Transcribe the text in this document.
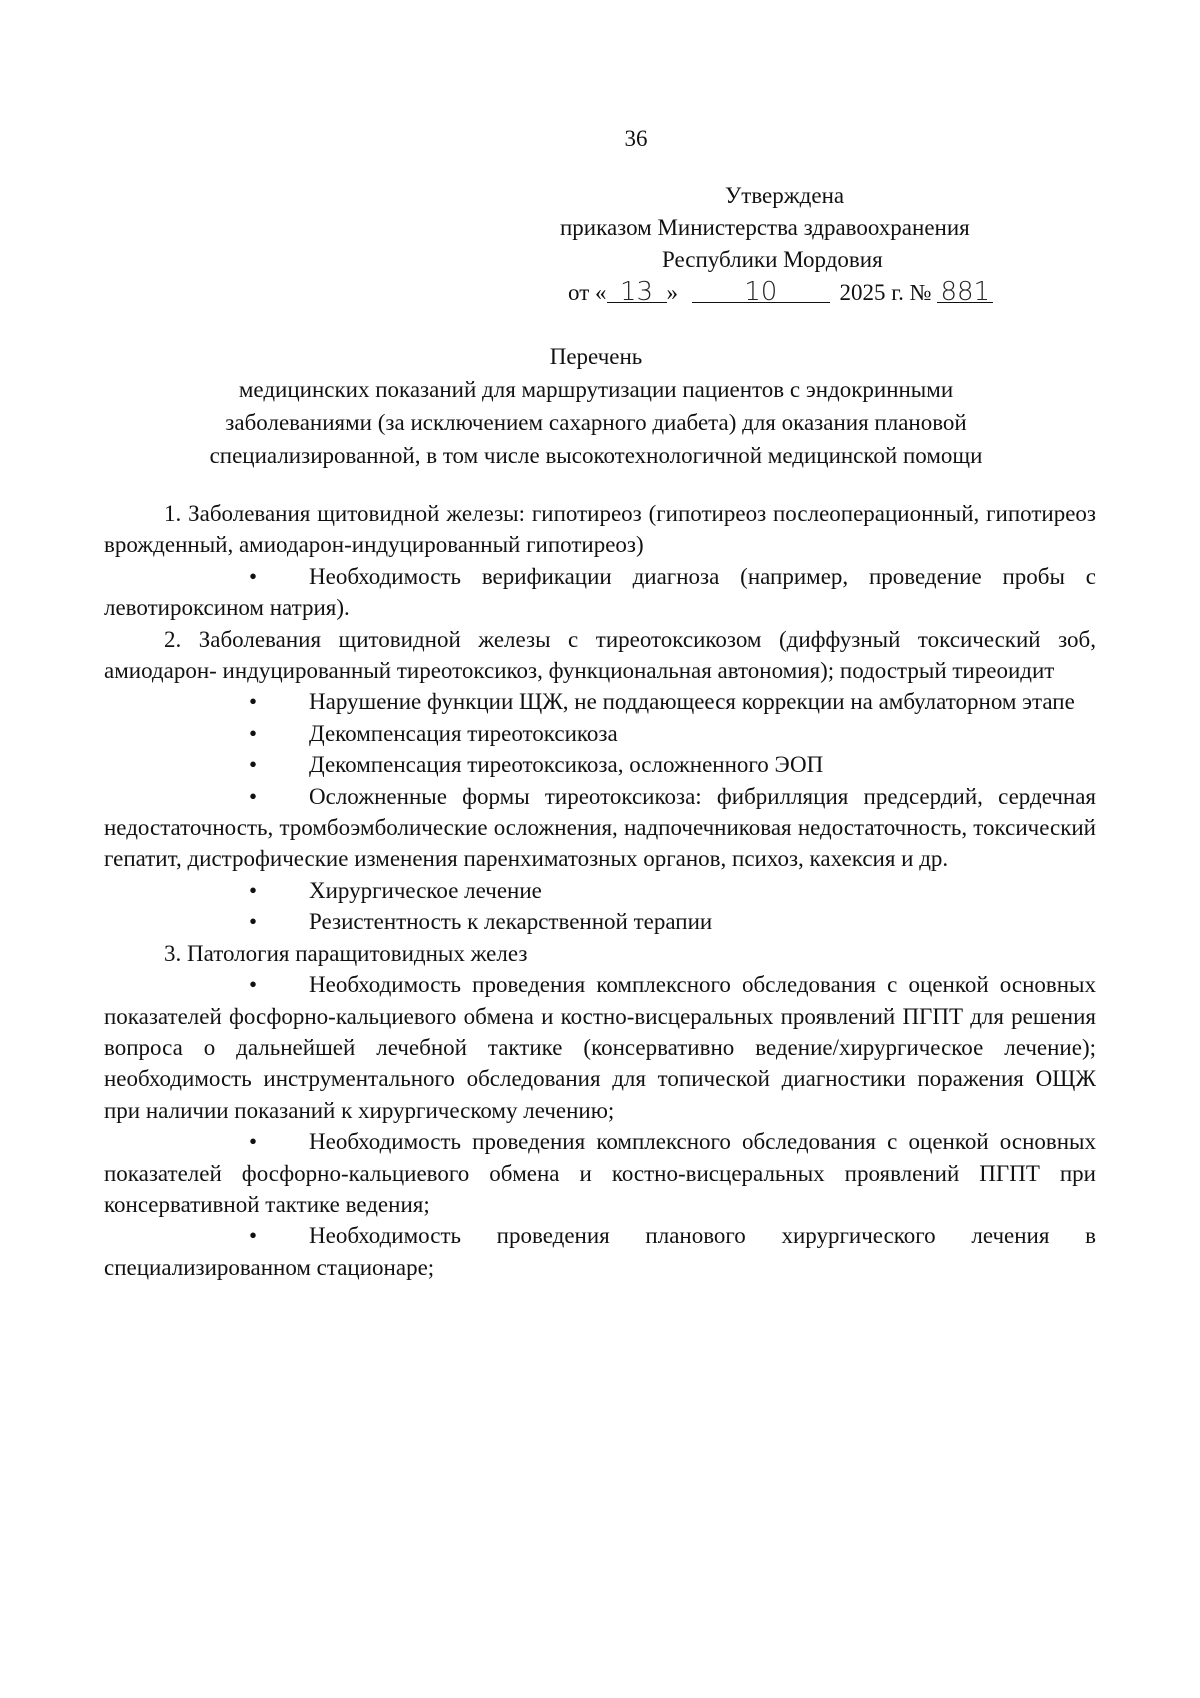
36
Утверждена
приказом Министерства здравоохранения
Республики Мордовия
от « 13 »	10	2025 г. № 881
Перечень
медицинских показаний для маршрутизации пациентов с эндокринными
заболеваниями (за исключением сахарного диабета) для оказания плановой
специализированной, в том числе высокотехнологичной медицинской помощи

1. Заболевания щитовидной железы: гипотиреоз (гипотиреоз послеоперационный, гипотиреоз врожденный, амиодарон-индуцированный гипотиреоз)

• Необходимость верификации диагноза (например, проведение пробы с левотироксином натрия).

2. Заболевания щитовидной железы с тиреотоксикозом (диффузный токсический зоб, амиодарон- индуцированный тиреотоксикоз, функциональная автономия); подострый тиреоидит

• Нарушение функции ЩЖ, не поддающееся коррекции на амбулаторном этапе

• Декомпенсация тиреотоксикоза

• Декомпенсация тиреотоксикоза, осложненного ЭОП

• Осложненные формы тиреотоксикоза: фибрилляция предсердий, сердечная недостаточность, тромбоэмболические осложнения, надпочечниковая недостаточность, токсический гепатит, дистрофические изменения паренхиматозных органов, психоз, кахексия и др.

• Хирургическое лечение

• Резистентность к лекарственной терапии

3. Патология паращитовидных желез

• Необходимость проведения комплексного обследования с оценкой основных показателей фосфорно-кальциевого обмена и костно-висцеральных проявлений ПГПТ для решения вопроса о дальнейшей лечебной тактике (консервативно ведение/хирургическое лечение); необходимость инструментального обследования для топической диагностики поражения ОЩЖ при наличии показаний к хирургическому лечению;

• Необходимость проведения комплексного обследования с оценкой основных показателей фосфорно-кальциевого обмена и костно-висцеральных проявлений ПГПТ при консервативной тактике ведения;

• Необходимость проведения планового хирургического лечения в специализированном стационаре;
